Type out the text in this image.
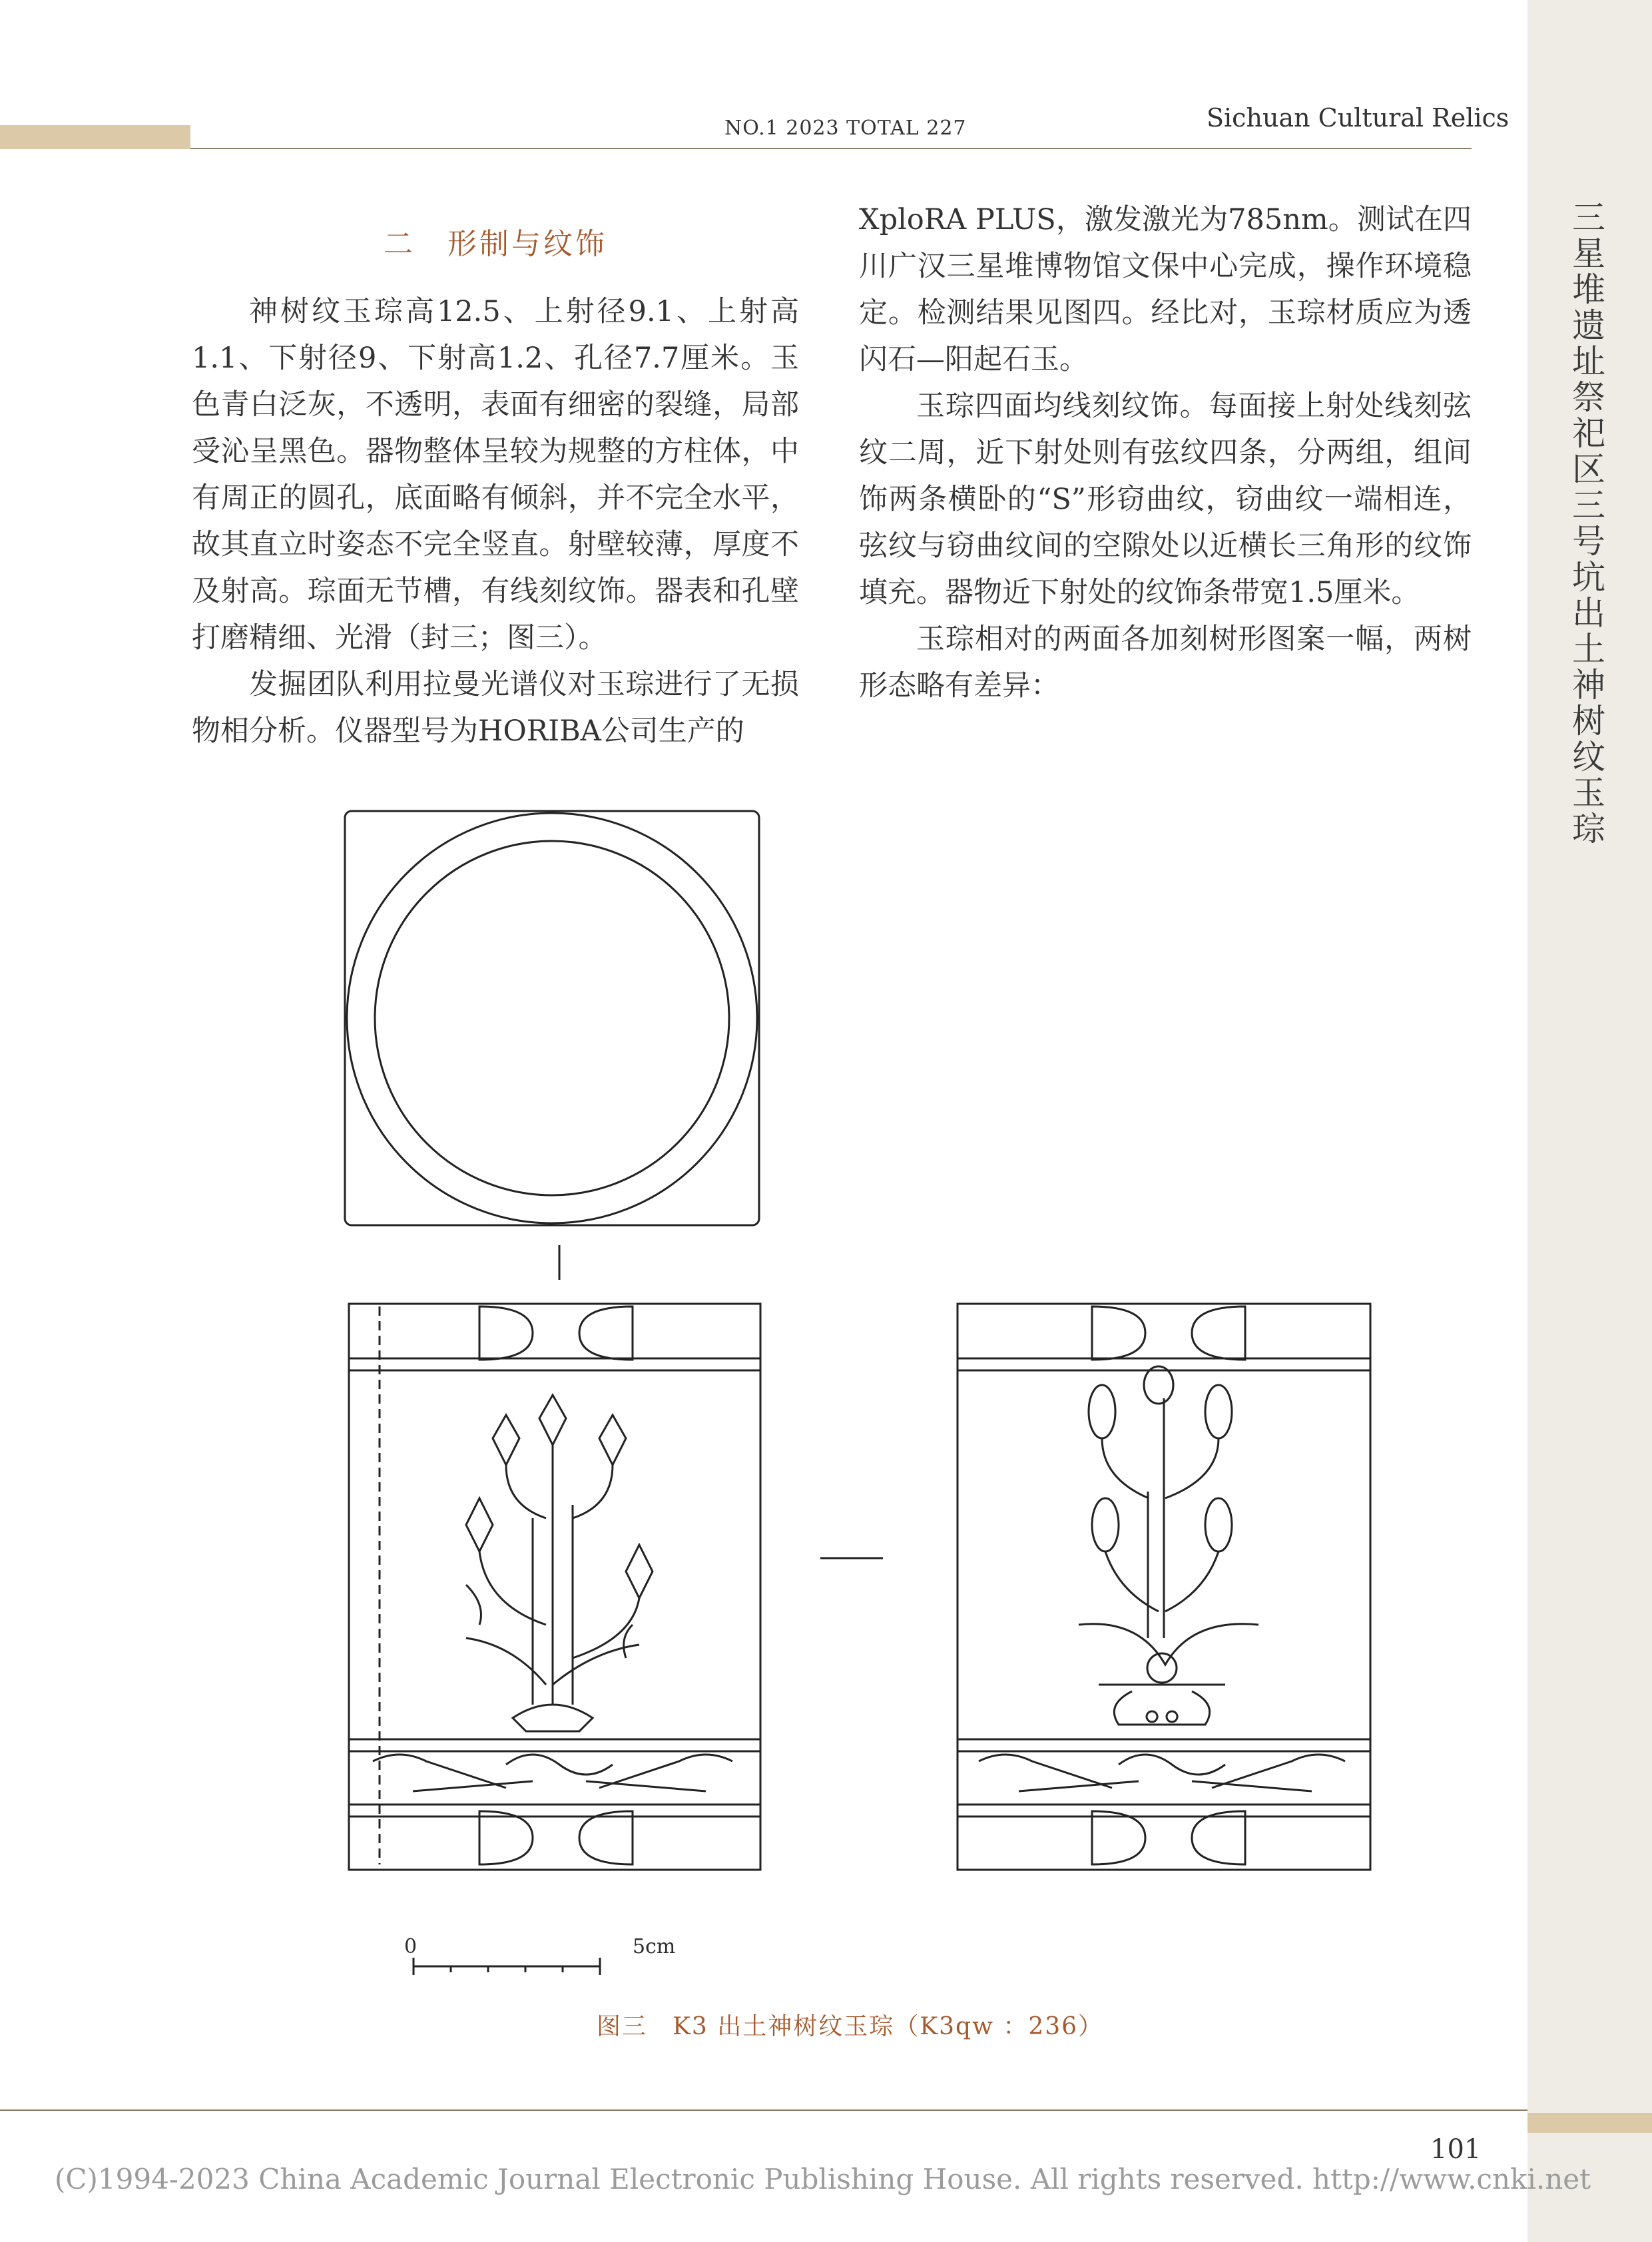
三星堆遗址祭祀区三号坑出土神树纹玉琮
NO.1 2023 TOTAL 227	Sichuan Cultural Relics
二　形制与纹饰

神树纹玉琮高12.5、上射径9.1、上射高1.1、下射径9、下射高1.2、孔径7.7厘米。玉色青白泛灰，不透明，表面有细密的裂缝，局部受沁呈黑色。器物整体呈较为规整的方柱体，中有周正的圆孔，底面略有倾斜，并不完全水平，故其直立时姿态不完全竖直。射壁较薄，厚度不及射高。琮面无节槽，有线刻纹饰。器表和孔壁打磨精细、光滑（封三；图三）。

发掘团队利用拉曼光谱仪对玉琮进行了无损物相分析。仪器型号为HORIBA公司生产的

XploRA PLUS，激发激光为785nm。测试在四川广汉三星堆博物馆文保中心完成，操作环境稳定。检测结果见图四。经比对，玉琮材质应为透闪石—阳起石玉。

玉琮四面均线刻纹饰。每面接上射处线刻弦纹二周，近下射处则有弦纹四条，分两组，组间饰两条横卧的“S”形窃曲纹，窃曲纹一端相连，弦纹与窃曲纹间的空隙处以近横长三角形的纹饰填充。器物近下射处的纹饰条带宽1.5厘米。

玉琮相对的两面各加刻树形图案一幅，两树形态略有差异：

0	5cm
图三　K3 出土神树纹玉琮（K3qw ：236）
101
(C)1994-2023 China Academic Journal Electronic Publishing House. All rights reserved. http://www.cnki.net
